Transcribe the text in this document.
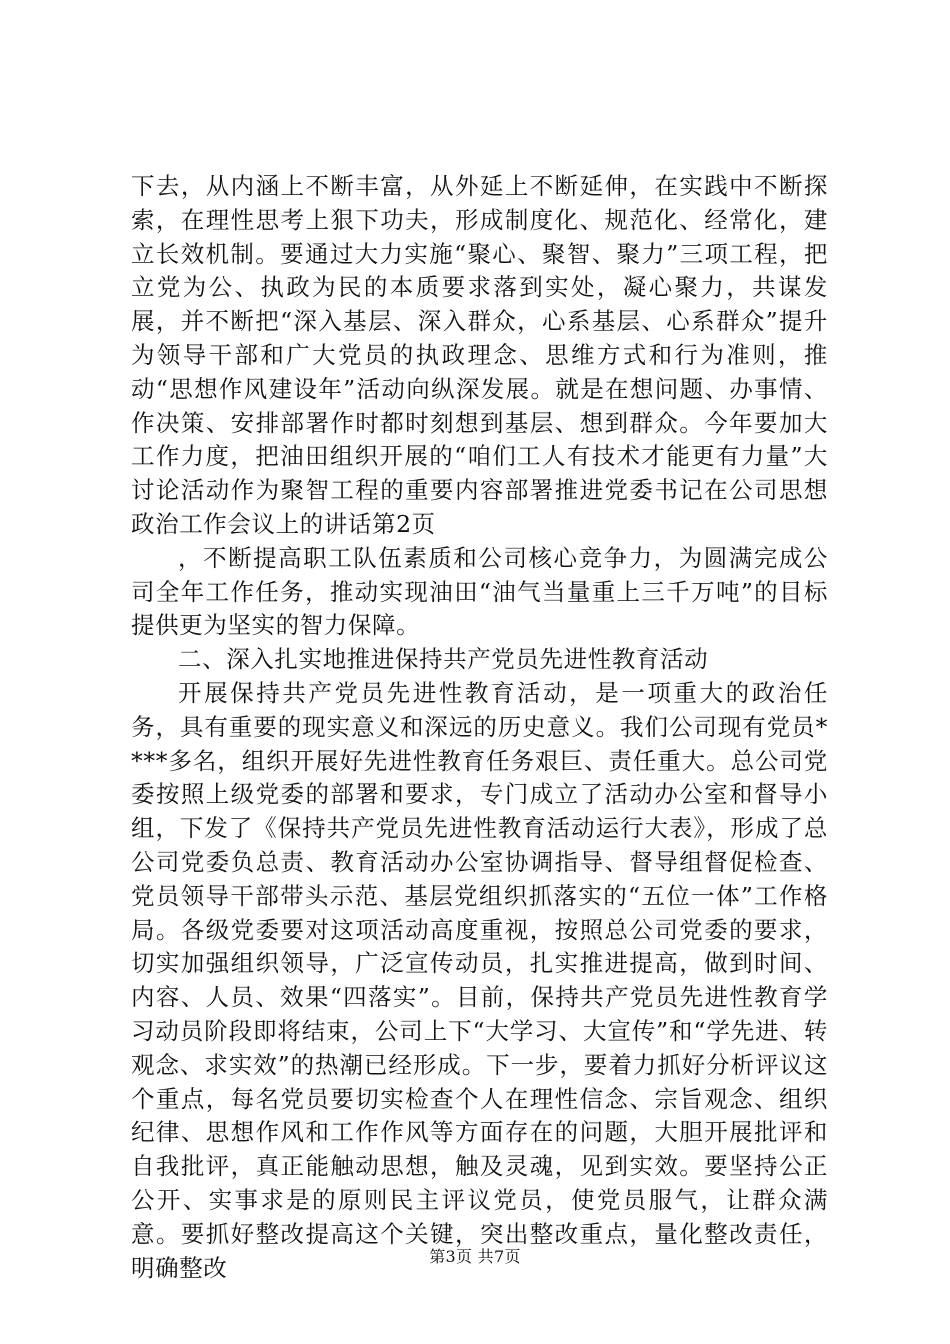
下去，从内涵上不断丰富，从外延上不断延伸，在实践中不断探索，在理性思考上狠下功夫，形成制度化、规范化、经常化，建立长效机制。要通过大力实施“聚心、聚智、聚力”三项工程，把立党为公、执政为民的本质要求落到实处，凝心聚力，共谋发展，并不断把“深入基层、深入群众，心系基层、心系群众”提升为领导干部和广大党员的执政理念、思维方式和行为准则，推动“思想作风建设年”活动向纵深发展。就是在想问题、办事情、作决策、安排部署作时都时刻想到基层、想到群众。今年要加大工作力度，把油田组织开展的“咱们工人有技术才能更有力量”大讨论活动作为聚智工程的重要内容部署推进党委书记在公司思想政治工作会议上的讲话第2页

，不断提高职工队伍素质和公司核心竞争力，为圆满完成公司全年工作任务，推动实现油田“油气当量重上三千万吨”的目标提供更为坚实的智力保障。

二、深入扎实地推进保持共产党员先进性教育活动

开展保持共产党员先进性教育活动，是一项重大的政治任务，具有重要的现实意义和深远的历史意义。我们公司现有党员****多名，组织开展好先进性教育任务艰巨、责任重大。总公司党委按照上级党委的部署和要求，专门成立了活动办公室和督导小组，下发了《保持共产党员先进性教育活动运行大表》，形成了总公司党委负总责、教育活动办公室协调指导、督导组督促检查、党员领导干部带头示范、基层党组织抓落实的“五位一体”工作格局。各级党委要对这项活动高度重视，按照总公司党委的要求，切实加强组织领导，广泛宣传动员，扎实推进提高，做到时间、内容、人员、效果“四落实”。目前，保持共产党员先进性教育学习动员阶段即将结束，公司上下“大学习、大宣传”和“学先进、转观念、求实效”的热潮已经形成。下一步，要着力抓好分析评议这个重点，每名党员要切实检查个人在理性信念、宗旨观念、组织纪律、思想作风和工作作风等方面存在的问题，大胆开展批评和自我批评，真正能触动思想，触及灵魂，见到实效。要坚持公正公开、实事求是的原则民主评议党员，使党员服气，让群众满意。要抓好整改提高这个关键，突出整改重点，量化整改责任，明确整改	第3页 共7页
